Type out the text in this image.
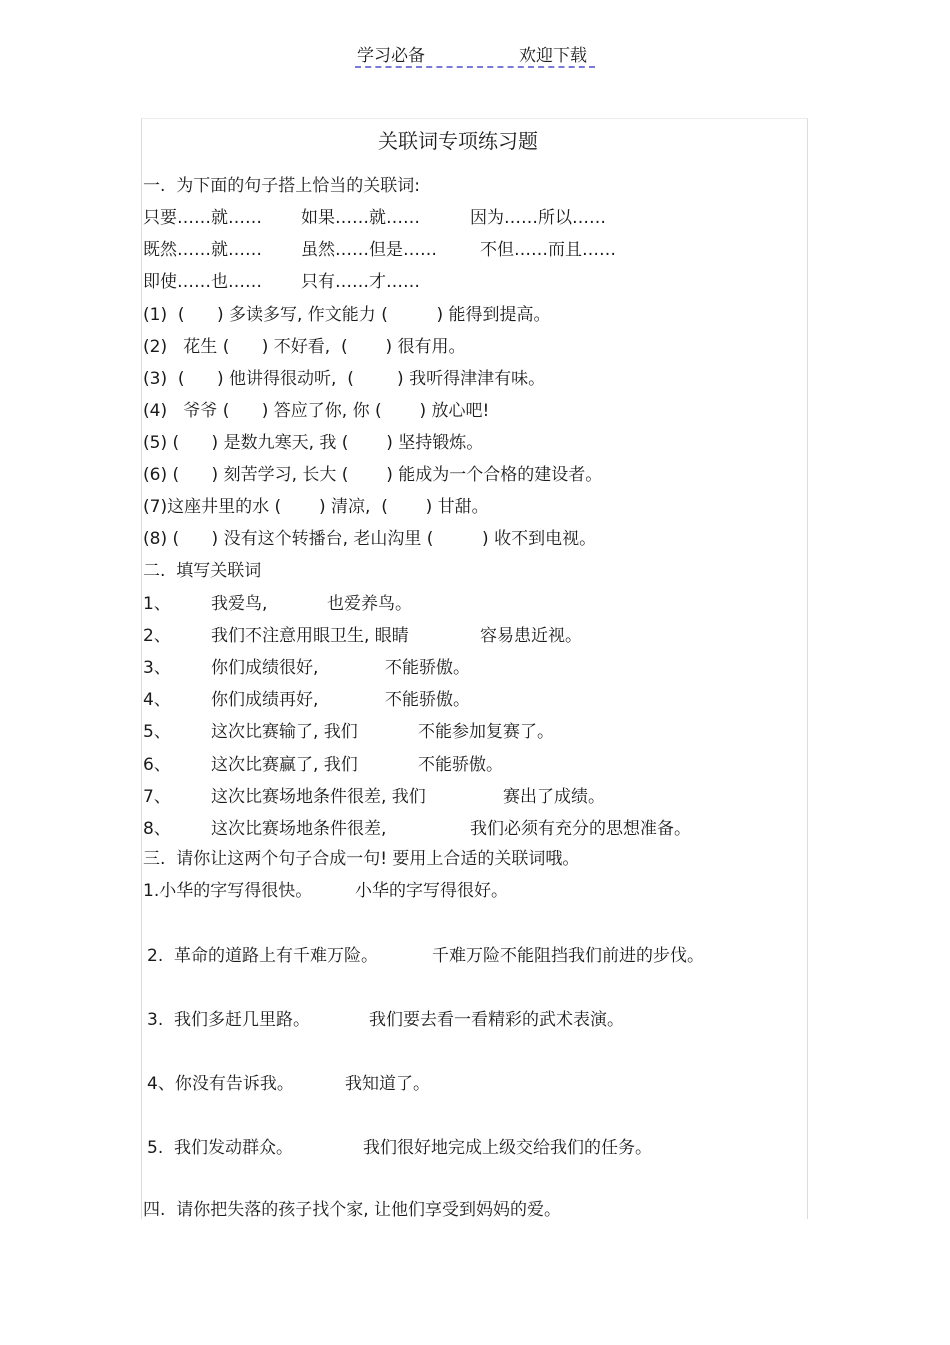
学习必备	欢迎下载
关联词专项练习题
一.  为下面的句子搭上恰当的关联词:
只要……就…… 如果……就……	因为……所以……
既然……就…… 虽然……但是……	不但……而且……
即使……也…… 只有……才……
(1)  (      ) 多读多写, 作文能力 (         ) 能得到提高。
(2)   花生 (      ) 不好看,  (       ) 很有用。
(3)  (      ) 他讲得很动听,  (        ) 我听得津津有味。
(4)   爷爷 (      ) 答应了你, 你 (       ) 放心吧!
(5) (      ) 是数九寒天, 我 (       ) 坚持锻炼。
(6) (      ) 刻苦学习, 长大 (       ) 能成为一个合格的建设者。
(7)这座井里的水 (       ) 清凉,  (       ) 甘甜。
(8) (      ) 没有这个转播台, 老山沟里 (         ) 收不到电视。
二.  填写关联词
1、 我爱鸟,	也爱养鸟。
2、 我们不注意用眼卫生, 眼睛	容易患近视。
3、 你们成绩很好,	不能骄傲。
4、 你们成绩再好,	不能骄傲。
5、 这次比赛输了, 我们	不能参加复赛了。
6、 这次比赛赢了, 我们	不能骄傲。
7、 这次比赛场地条件很差, 我们	赛出了成绩。
8、 这次比赛场地条件很差,	我们必须有充分的思想准备。
三.  请你让这两个句子合成一句! 要用上合适的关联词哦。
1.小华的字写得很快。	小华的字写得很好。
2.  革命的道路上有千难万险。	千难万险不能阻挡我们前进的步伐。
3.  我们多赶几里路。	我们要去看一看精彩的武术表演。
4、你没有告诉我。	我知道了。
5.  我们发动群众。	我们很好地完成上级交给我们的任务。
四.  请你把失落的孩子找个家, 让他们享受到妈妈的爱。
